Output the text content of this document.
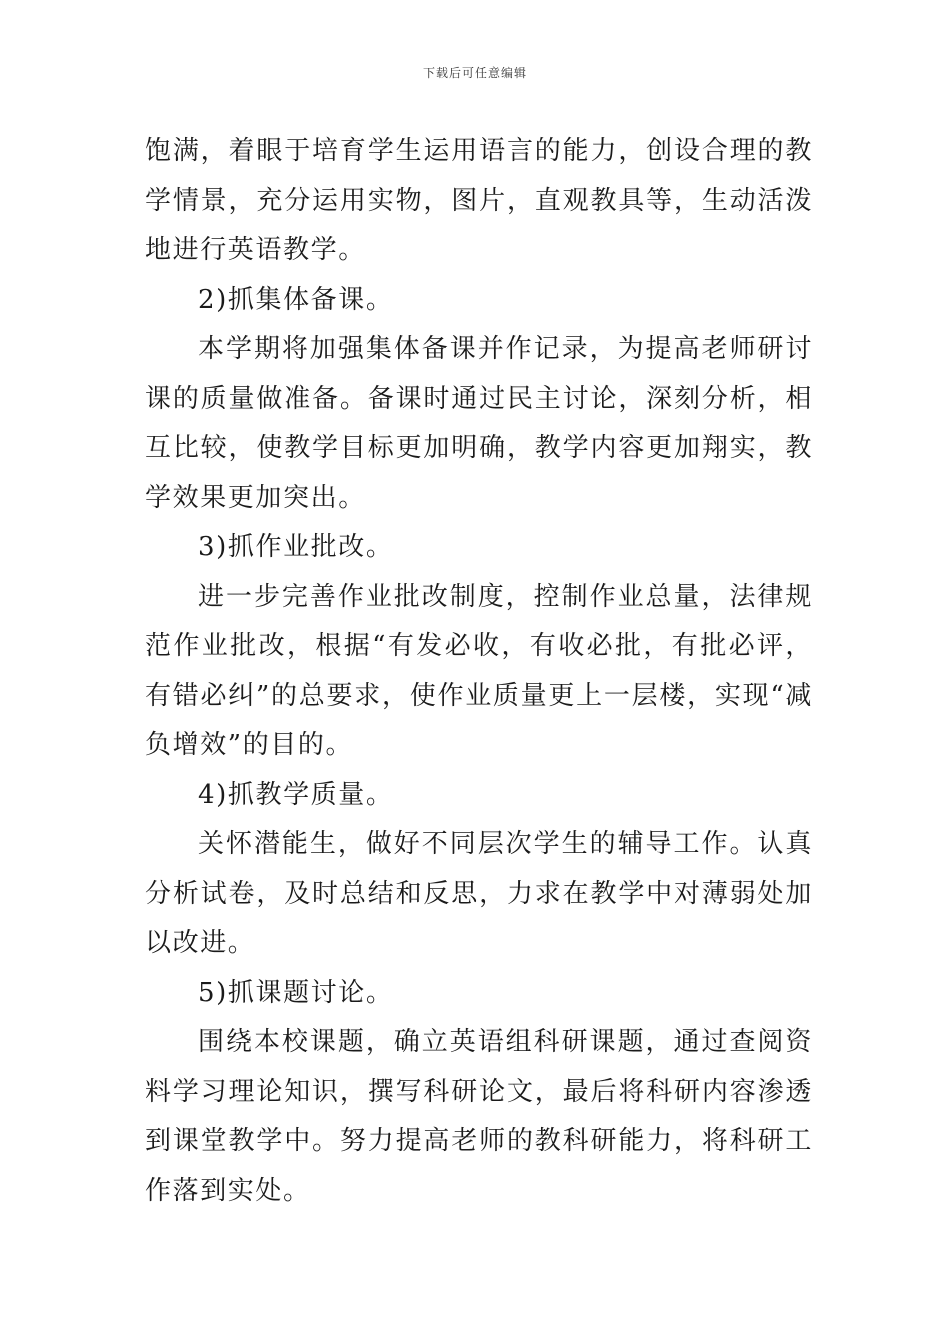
下载后可任意编辑

饱满，着眼于培育学生运用语言的能力，创设合理的教学情景，充分运用实物，图片，直观教具等，生动活泼地进行英语教学。

2)抓集体备课。

本学期将加强集体备课并作记录，为提高老师研讨课的质量做准备。备课时通过民主讨论，深刻分析，相互比较，使教学目标更加明确，教学内容更加翔实，教学效果更加突出。

3)抓作业批改。

进一步完善作业批改制度，控制作业总量，法律规范作业批改，根据“有发必收，有收必批，有批必评，有错必纠”的总要求，使作业质量更上一层楼，实现“减负增效”的目的。

4)抓教学质量。

关怀潜能生，做好不同层次学生的辅导工作。认真分析试卷，及时总结和反思，力求在教学中对薄弱处加以改进。

5)抓课题讨论。

围绕本校课题，确立英语组科研课题，通过查阅资料学习理论知识，撰写科研论文，最后将科研内容渗透到课堂教学中。努力提高老师的教科研能力，将科研工作落到实处。
